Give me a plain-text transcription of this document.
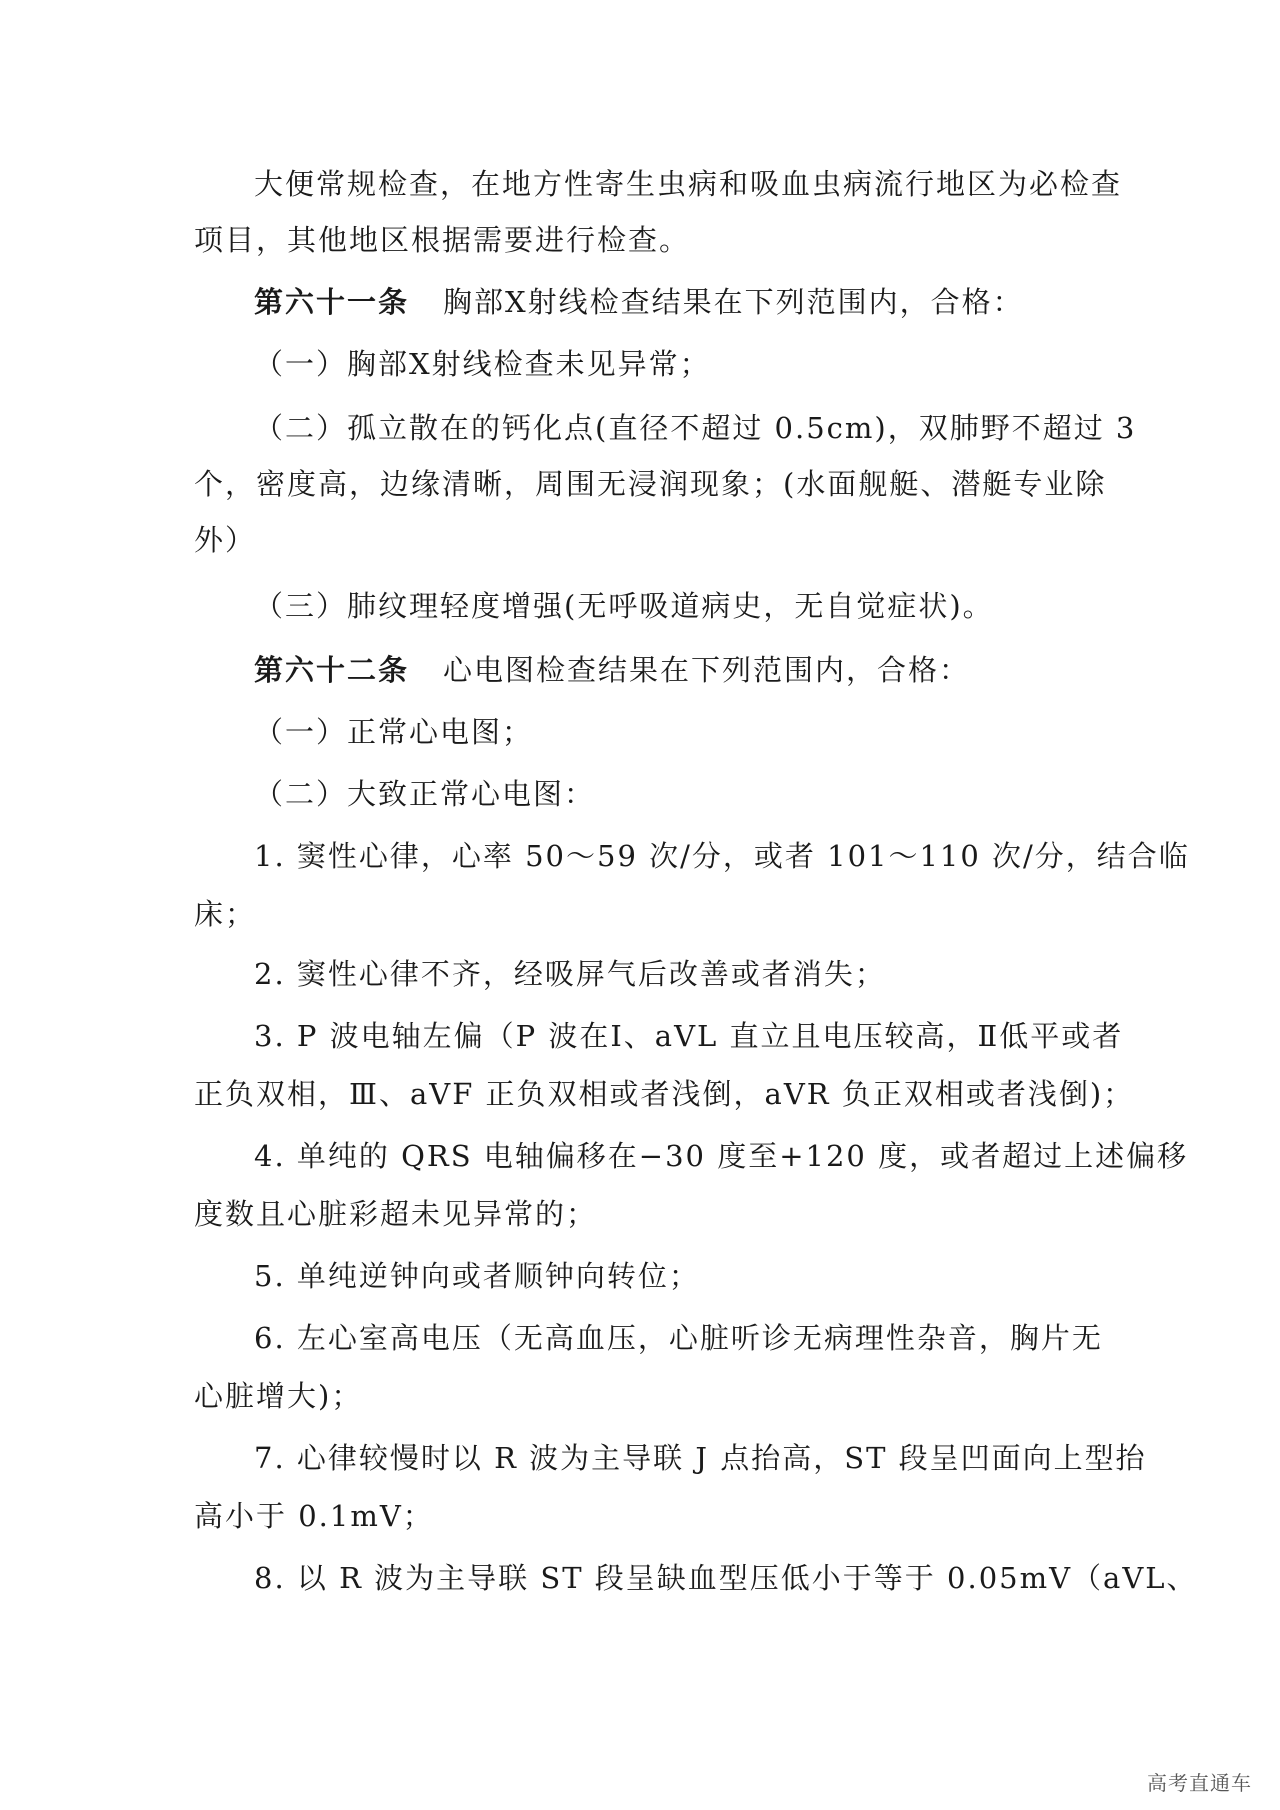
大便常规检查，在地方性寄生虫病和吸血虫病流行地区为必检查
项目，其他地区根据需要进行检查。
第六十一条 胸部X射线检查结果在下列范围内，合格：
（一）胸部X射线检查未见异常；
（二）孤立散在的钙化点(直径不超过 0.5cm)，双肺野不超过 3
个，密度高，边缘清晰，周围无浸润现象；(水面舰艇、潜艇专业除
外）
（三）肺纹理轻度增强(无呼吸道病史，无自觉症状)。
第六十二条 心电图检查结果在下列范围内，合格：
（一）正常心电图；
（二）大致正常心电图：
1. 窦性心律，心率 50～59 次/分，或者 101～110 次/分，结合临
床；
2. 窦性心律不齐，经吸屏气后改善或者消失；
3. P 波电轴左偏（P 波在Ⅰ、aVL 直立且电压较高，Ⅱ低平或者
正负双相，Ⅲ、aVF 正负双相或者浅倒，aVR 负正双相或者浅倒)；
4. 单纯的 QRS 电轴偏移在−30 度至+120 度，或者超过上述偏移
度数且心脏彩超未见异常的；
5. 单纯逆钟向或者顺钟向转位；
6. 左心室高电压（无高血压，心脏听诊无病理性杂音，胸片无
心脏增大)；
7. 心律较慢时以 R 波为主导联 J 点抬高，ST 段呈凹面向上型抬
高小于 0.1mV；
8. 以 R 波为主导联 ST 段呈缺血型压低小于等于 0.05mV（aVL、
高考直通车
